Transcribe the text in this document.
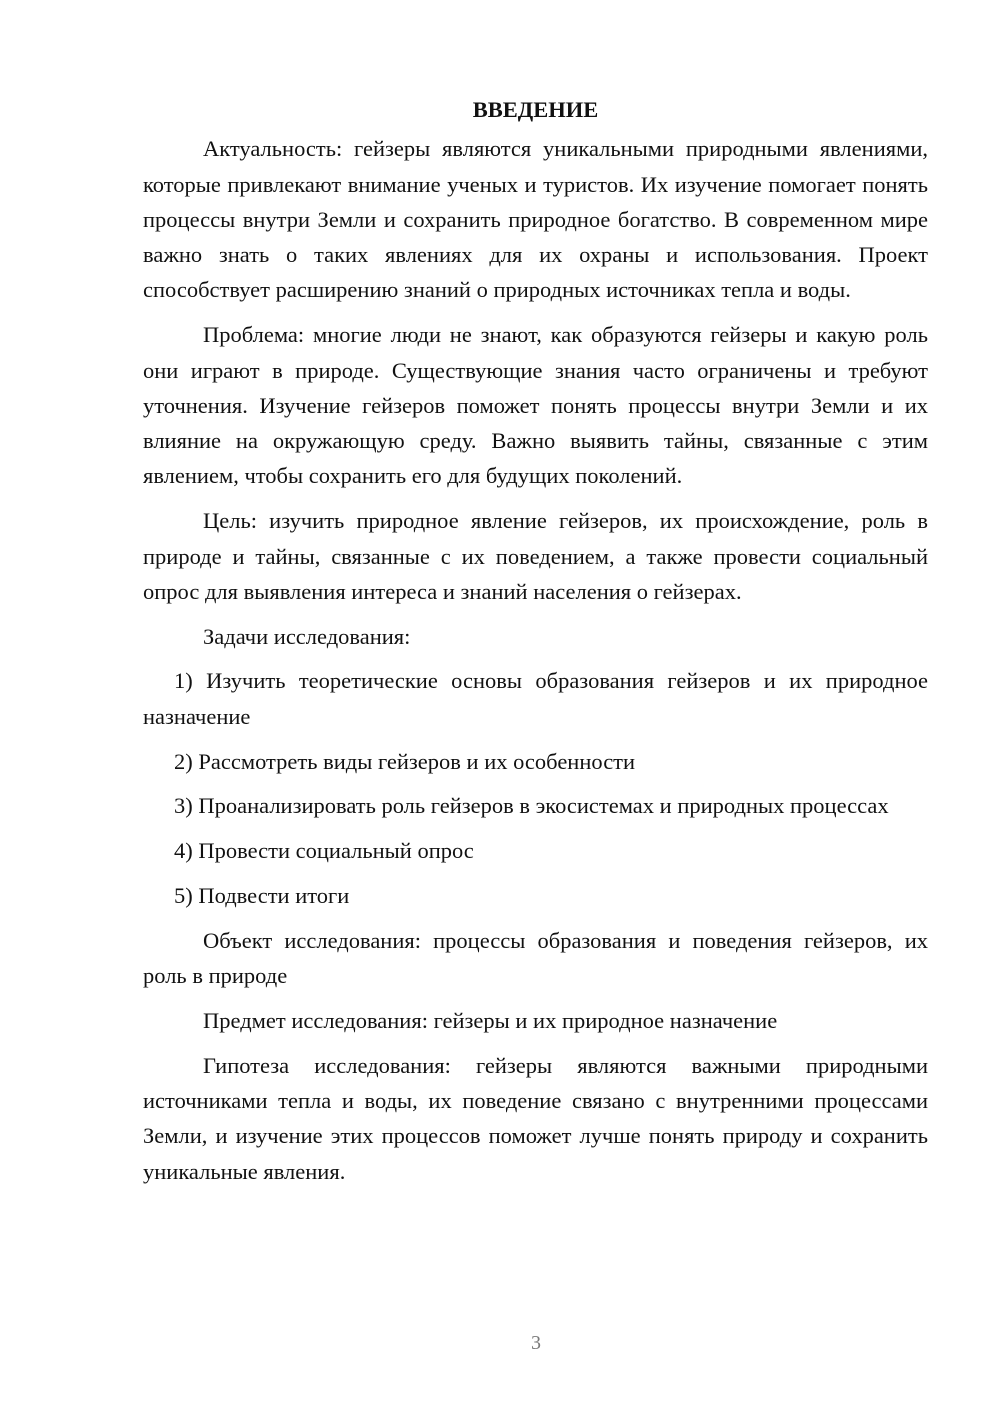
ВВЕДЕНИЕ

Актуальность: гейзеры являются уникальными природными явлениями, которые привлекают внимание ученых и туристов. Их изучение помогает понять процессы внутри Земли и сохранить природное богатство. В современном мире важно знать о таких явлениях для их охраны и использования. Проект способствует расширению знаний о природных источниках тепла и воды.

Проблема: многие люди не знают, как образуются гейзеры и какую роль они играют в природе. Существующие знания часто ограничены и требуют уточнения. Изучение гейзеров поможет понять процессы внутри Земли и их влияние на окружающую среду. Важно выявить тайны, связанные с этим явлением, чтобы сохранить его для будущих поколений.

Цель: изучить природное явление гейзеров, их происхождение, роль в природе и тайны, связанные с их поведением, а также провести социальный опрос для выявления интереса и знаний населения о гейзерах.

Задачи исследования:

1) Изучить теоретические основы образования гейзеров и их природное назначение

2) Рассмотреть виды гейзеров и их особенности

3) Проанализировать роль гейзеров в экосистемах и природных процессах

4) Провести социальный опрос

5) Подвести итоги

Объект исследования: процессы образования и поведения гейзеров, их роль в природе

Предмет исследования: гейзеры и их природное назначение

Гипотеза исследования: гейзеры являются важными природными источниками тепла и воды, их поведение связано с внутренними процессами Земли, и изучение этих процессов поможет лучше понять природу и сохранить уникальные явления.

3
